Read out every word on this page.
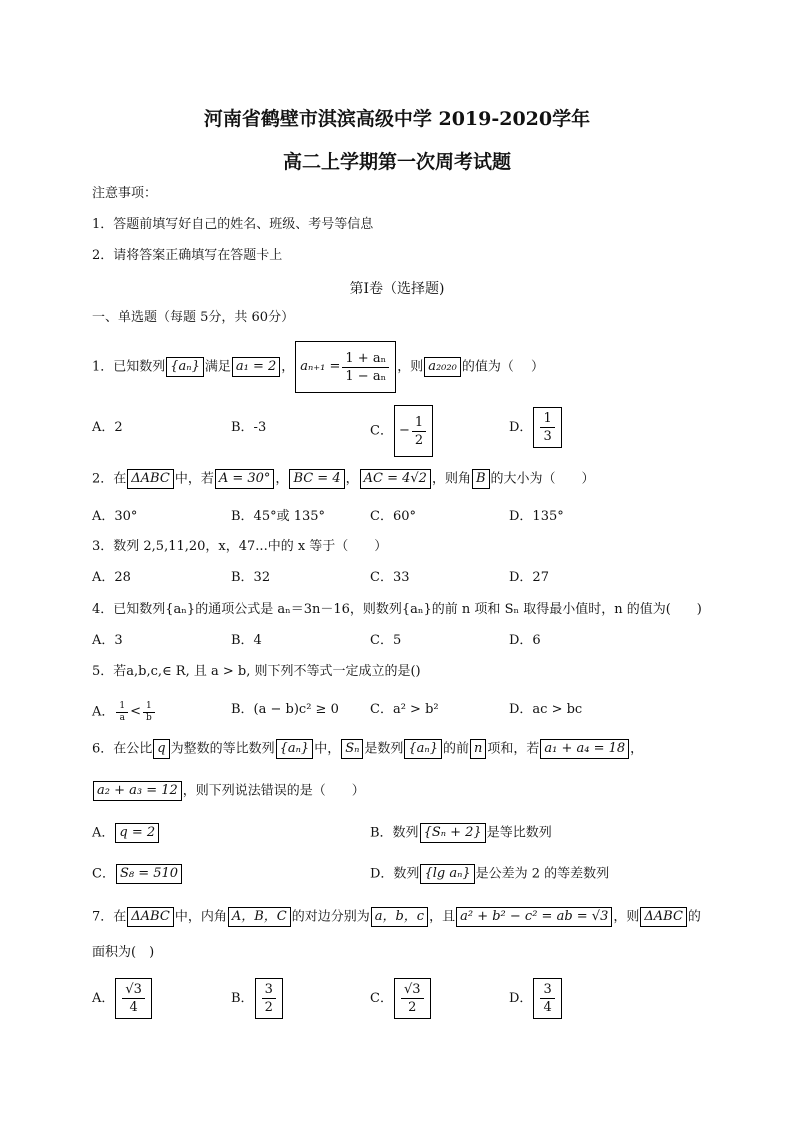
河南省鹤壁市淇滨高级中学 2019-2020学年
高二上学期第一次周考试题
注意事项：
1．答题前填写好自己的姓名、班级、考号等信息
2．请将答案正确填写在答题卡上
第I卷（选择题)
一、单选题（每题 5分，共 60分）
1．已知数列 {aₙ} 满足 a₁ = 2 ， $a_{n+1} = \frac{\text{1 + aₙ}}{\text{1 − aₙ}}$ ，则 a₂₀₂₀ 的值为（　 ）
A．2	B．-3	C． − $\frac{1}{2}$	D． $\frac{1}{3}$
2．在 ΔABC 中，若 A = 30° ， BC = 4 ， AC = 4√2 ，则角 B 的大小为（　　）
A．30°	B．45°或 135°	C．60°	D．135°
3．数列 2,5,11,20，x，47...中的 x 等于（　　）
A．28	B．32	C．33	D．27
4．已知数列{aₙ}的通项公式是 aₙ＝3n－16，则数列{aₙ}的前 n 项和 Sₙ 取得最小值时，n 的值为(　　)
A．3	B．4	C．5	D．6
5．若a,b,c,∈ R, 且 a > b, 则下列不等式一定成立的是()
A． $\frac{1}{a} < \frac{1}{b}$	B．(a − b)c² ≥ 0 C．a² > b²	D．ac > bc
6．在公比 q 为整数的等比数列 {aₙ} 中， Sₙ 是数列 {aₙ} 的前 n 项和，若 a₁ + a₄ = 18 ，
a₂ + a₃ = 12 ，则下列说法错误的是（　　）
A． q = 2	B．数列 {Sₙ + 2} 是等比数列
C． S₈ = 510	D．数列 {lg aₙ} 是公差为 2 的等差数列
7．在 ΔABC 中，内角 A，B，C 的对边分别为 a，b，c ，且 a² + b² − c² = ab = √3 ，则 ΔABC 的
面积为(　)
A． $\frac{√3}{4}$	B． $\frac{3}{2}$	C． $\frac{√3}{2}$	D． $\frac{3}{4}$
